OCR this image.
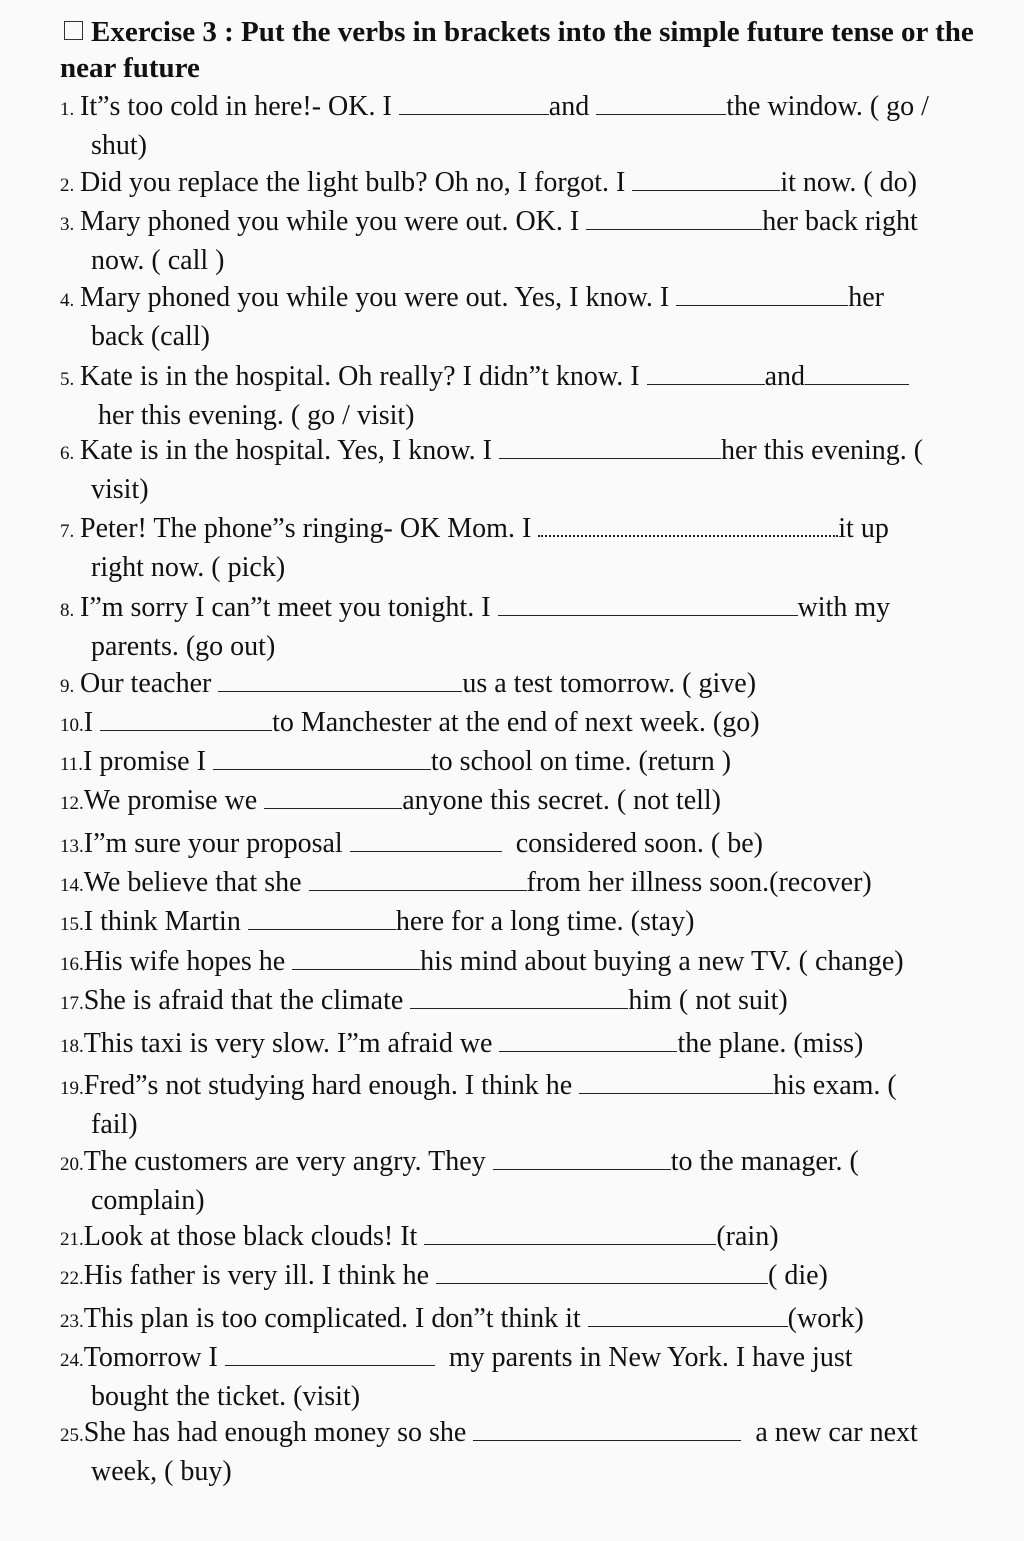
Exercise 3 : Put the verbs in brackets into the simple future tense or the near future
1. It”s too cold in here!- OK. I	and	the window. ( go /
shut)
2. Did you replace the light bulb? Oh no, I forgot. I	it now. ( do)
3. Mary phoned you while you were out. OK. I	her back right
now. ( call )
4. Mary phoned you while you were out. Yes, I know. I	her
back (call)
5. Kate is in the hospital. Oh really? I didn”t know. I	and
her this evening. ( go / visit)
6. Kate is in the hospital. Yes, I know. I	her this evening. (
visit)
7. Peter! The phone”s ringing- OK Mom. I	it up
right now. ( pick)
8. I”m sorry I can”t meet you tonight. I	with my
parents. (go out)
9. Our teacher	us a test tomorrow. ( give)
10.I	to Manchester at the end of next week. (go)
11.I promise I	to school on time. (return )
12.We promise we	anyone this secret. ( not tell)
13.I”m sure your proposal	considered soon. ( be)
14.We believe that she	from her illness soon.(recover)
15.I think Martin	here for a long time. (stay)
16.His wife hopes he	his mind about buying a new TV. ( change)
17.She is afraid that the climate	him ( not suit)
18.This taxi is very slow. I”m afraid we	the plane. (miss)
19.Fred”s not studying hard enough. I think he	his exam. (
fail)
20.The customers are very angry. They	to the manager. (
complain)
21.Look at those black clouds! It	(rain)
22.His father is very ill. I think he	( die)
23.This plan is too complicated. I don”t think it	(work)
24.Tomorrow I	my parents in New York. I have just
bought the ticket. (visit)
25.She has had enough money so she	a new car next
week, ( buy)
